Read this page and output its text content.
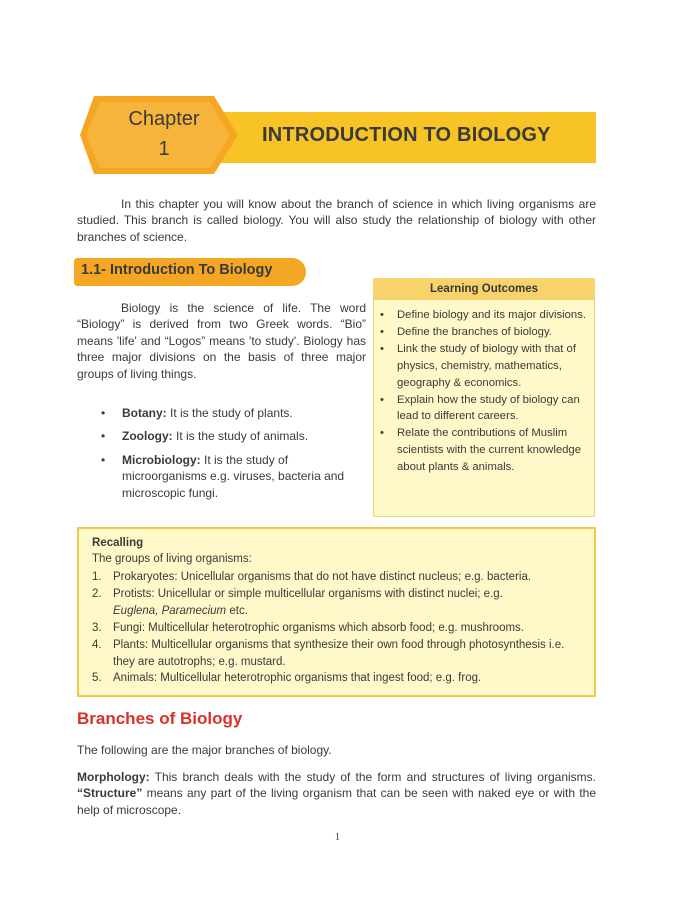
Chapter
1
INTRODUCTION TO BIOLOGY
In this chapter you will know about the branch of science in which living organisms are studied. This branch is called biology. You will also study the relationship of biology with other branches of science.
1.1- Introduction To Biology
Biology is the science of life. The word “Biology” is derived from two Greek words. “Bio” means 'life' and “Logos” means 'to study'. Biology has three major divisions on the basis of three major groups of living things.
• Botany: It is the study of plants.
• Zoology: It is the study of animals.
• Microbiology: It is the study of microorganisms e.g. viruses, bacteria and microscopic fungi.
Learning Outcomes
• Define biology and its major divisions.
• Define the branches of biology.
• Link the study of biology with that of physics, chemistry, mathematics, geography & economics.
• Explain how the study of biology can lead to different careers.
• Relate the contributions of Muslim scientists with the current knowledge about plants & animals.
Recalling
The groups of living organisms:
1. Prokaryotes: Unicellular organisms that do not have distinct nucleus; e.g. bacteria.
2. Protists: Unicellular or simple multicellular organisms with distinct nuclei; e.g.
Euglena, Paramecium etc.
3. Fungi: Multicellular heterotrophic organisms which absorb food; e.g. mushrooms.
4. Plants: Multicellular organisms that synthesize their own food through photosynthesis i.e. they are autotrophs; e.g. mustard.
5. Animals: Multicellular heterotrophic organisms that ingest food; e.g. frog.
Branches of Biology
The following are the major branches of biology.
Morphology: This branch deals with the study of the form and structures of living organisms. “Structure” means any part of the living organism that can be seen with naked eye or with the help of microscope.
1
